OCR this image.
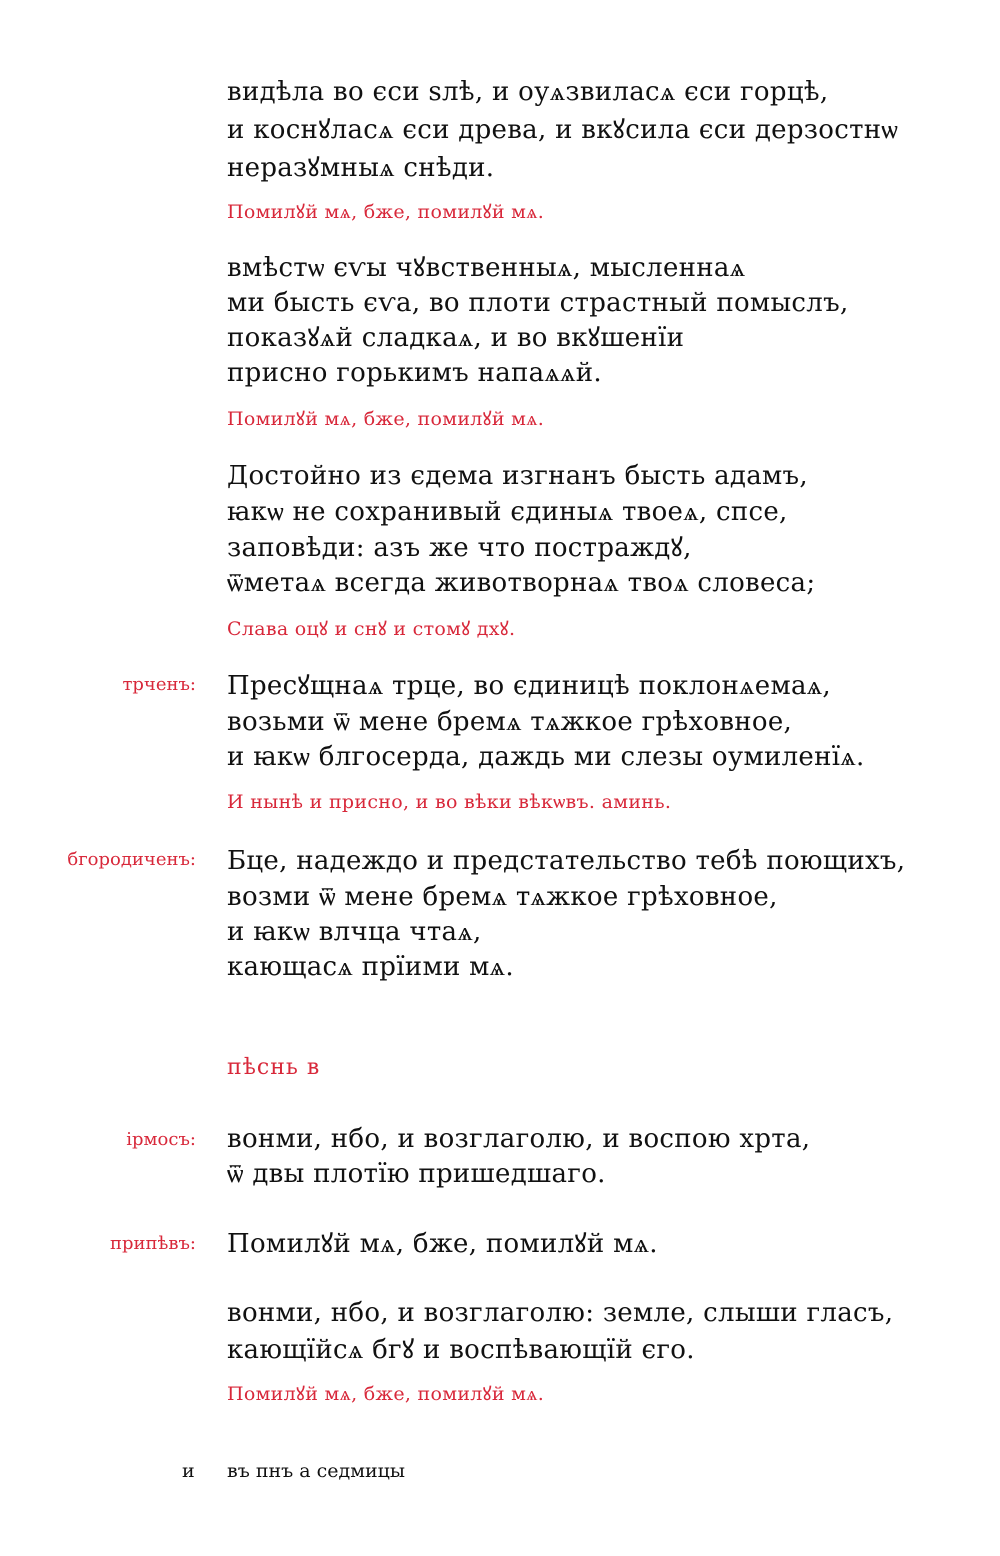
видѣла во єси ѕлѣ, и оуѧзвиласѧ єси горцѣ,
и коснꙋласѧ єси древа, и вкꙋсила єси дерзостнѡ
неразꙋмныѧ снѣди.
Помилꙋй мѧ, бже, помилꙋй мѧ.
вмѣстѡ єѵы чꙋвственныѧ, мысленнаѧ
ми бысть єѵа, во плоти страстный помыслъ,
показꙋѧй сладкаѧ, и во вкꙋшенїи
присно горькимъ напаѧѧй.
Помилꙋй мѧ, бже, помилꙋй мѧ.
Достойно из єдема изгнанъ бысть адамъ,
ꙗкѡ не сохранивый єдиныѧ твоеѧ, спсе,
заповѣди: азъ же что постраждꙋ,
ѿметаѧ всегда животворнаѧ твоѧ словеса;
Слава оцꙋ и снꙋ и стомꙋ дхꙋ.
трченъ: Пресꙋщнаѧ трце, во єдиницѣ поклонѧемаѧ,
возьми ѿ мене бремѧ тѧжкое грѣховное,
и ꙗкѡ блгосерда, даждь ми слезы оумиленїѧ.
И нынѣ и присно, и во вѣки вѣкѡвъ. аминь.
бгородиченъ: Бце, надеждо и предстательство тебѣ поющихъ,
возми ѿ мене бремѧ тѧжкое грѣховное,
и ꙗкѡ влчца чтаѧ,
кающасѧ прїими мѧ.
пѣснь в
ірмосъ: вонми, нбо, и возглаголю, и воспою хрта,
ѿ двы плотїю пришедшаго.
припѣвъ: Помилꙋй мѧ, бже, помилꙋй мѧ.
вонми, нбо, и возглаголю: земле, слыши гласъ,
кающїйсѧ бгꙋ и воспѣвающїй єго.
Помилꙋй мѧ, бже, помилꙋй мѧ.
и въ пнъ а седмицы
